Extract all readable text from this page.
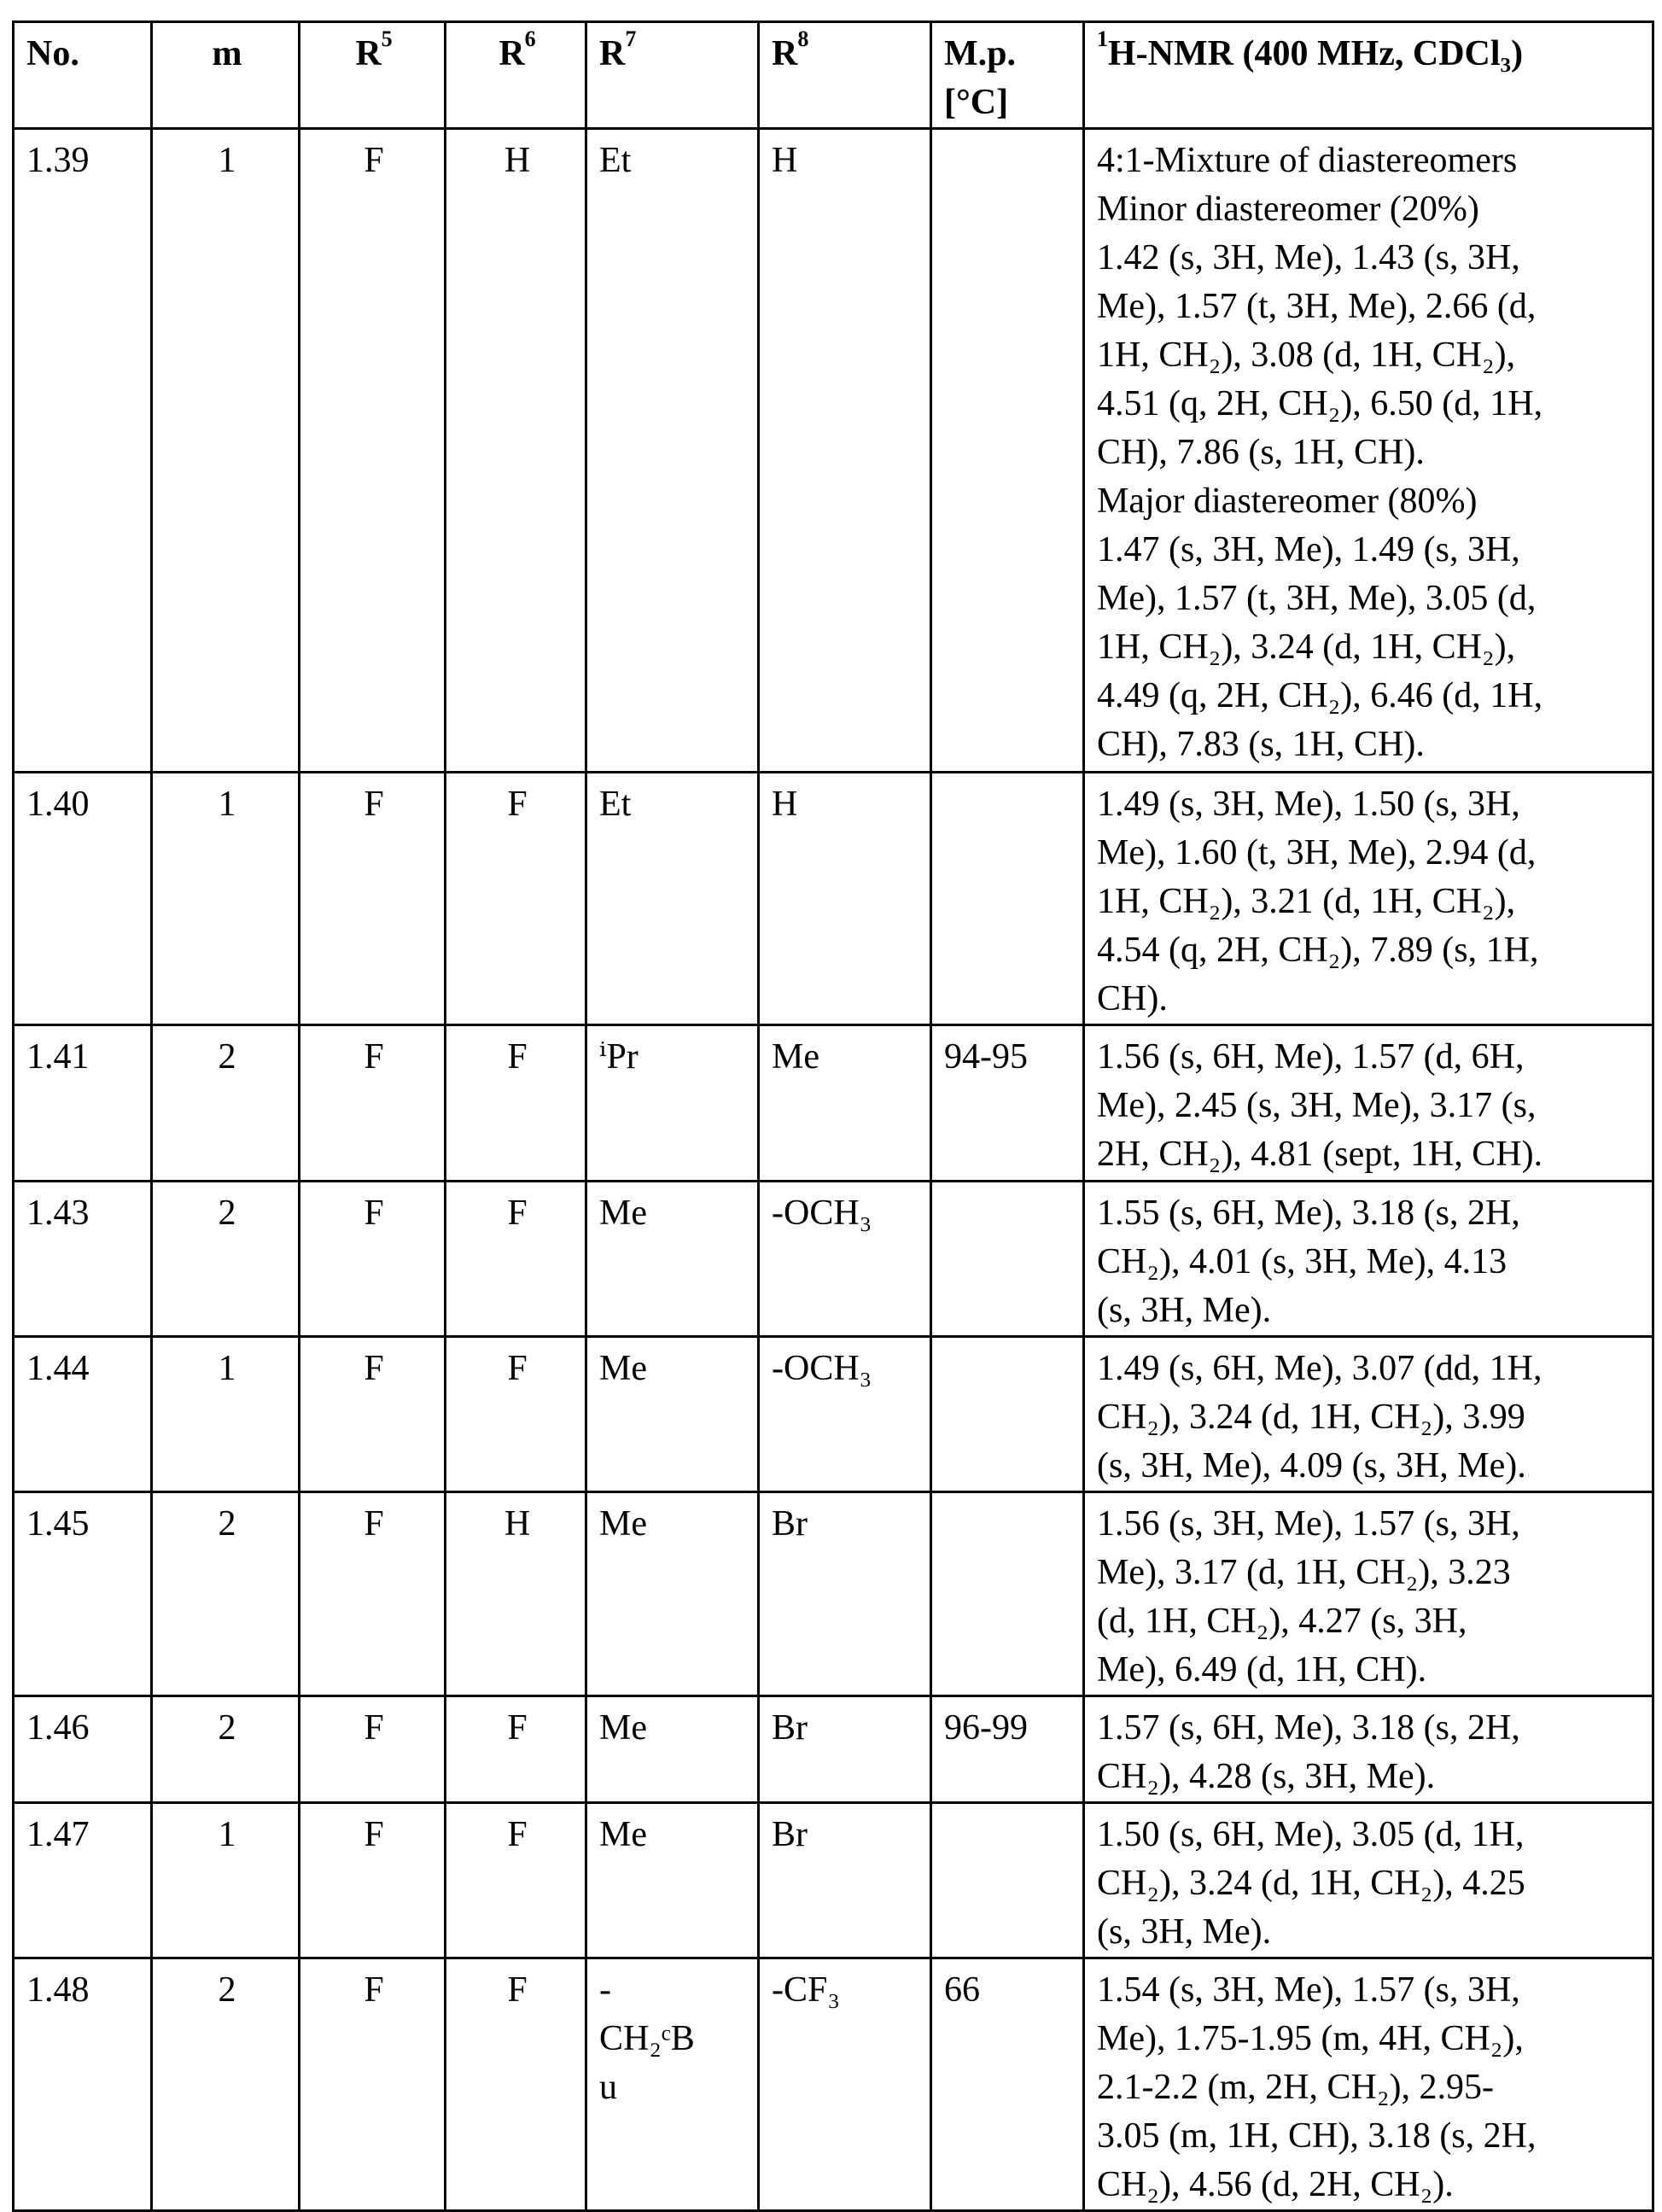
No.	m	R5	R6	R7	R8	M.p.
[°C]
	1H-NMR (400 MHz, CDCl₃)
1.39	1	F	H	Et	H		4:1-Mixture of diastereomers
Minor diastereomer (20%)
1.42 (s, 3H, Me), 1.43 (s, 3H,
Me), 1.57 (t, 3H, Me), 2.66 (d,
1H, CH₂), 3.08 (d, 1H, CH₂),
4.51 (q, 2H, CH₂), 6.50 (d, 1H,
CH), 7.86 (s, 1H, CH).
Major diastereomer (80%)
1.47 (s, 3H, Me), 1.49 (s, 3H,
Me), 1.57 (t, 3H, Me), 3.05 (d,
1H, CH₂), 3.24 (d, 1H, CH₂),
4.49 (q, 2H, CH₂), 6.46 (d, 1H,
CH), 7.83 (s, 1H, CH).

1.40	1	F	F	Et	H		1.49 (s, 3H, Me), 1.50 (s, 3H,
Me), 1.60 (t, 3H, Me), 2.94 (d,
1H, CH₂), 3.21 (d, 1H, CH₂),
4.54 (q, 2H, CH₂), 7.89 (s, 1H,
CH).

1.41	2	F	F	ⁱPr	Me	94-95	1.56 (s, 6H, Me), 1.57 (d, 6H,
Me), 2.45 (s, 3H, Me), 3.17 (s,
2H, CH₂), 4.81 (sept, 1H, CH).

1.43	2	F	F	Me	-OCH₃		1.55 (s, 6H, Me), 3.18 (s, 2H,
CH₂), 4.01 (s, 3H, Me), 4.13
(s, 3H, Me).

1.44	1	F	F	Me	-OCH₃		1.49 (s, 6H, Me), 3.07 (dd, 1H,
CH₂), 3.24 (d, 1H, CH₂), 3.99
(s, 3H, Me), 4.09 (s, 3H, Me).

1.45	2	F	H	Me	Br		1.56 (s, 3H, Me), 1.57 (s, 3H,
Me), 3.17 (d, 1H, CH₂), 3.23
(d, 1H, CH₂), 4.27 (s, 3H,
Me), 6.49 (d, 1H, CH).

1.46	2	F	F	Me	Br	96-99	1.57 (s, 6H, Me), 3.18 (s, 2H,
CH₂), 4.28 (s, 3H, Me).

1.47	1	F	F	Me	Br		1.50 (s, 6H, Me), 3.05 (d, 1H,
CH₂), 3.24 (d, 1H, CH₂), 4.25
(s, 3H, Me).

1.48	2	F	F	-
CH₂ᶜB
u
	-CF₃	66	1.54 (s, 3H, Me), 1.57 (s, 3H,
Me), 1.75-1.95 (m, 4H, CH₂),
2.1-2.2 (m, 2H, CH₂), 2.95-
3.05 (m, 1H, CH), 3.18 (s, 2H,
CH₂), 4.56 (d, 2H, CH₂).
